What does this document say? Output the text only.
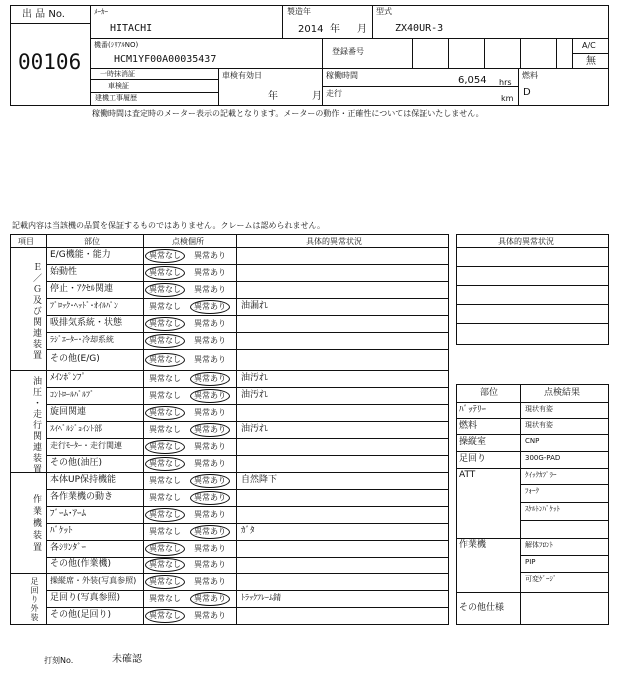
出 品 No.
00106
ﾒｰｶｰ
HITACHI
製造年
2014 年 月
型式
ZX40UR-3
機番(ｼﾘｱﾙNO)
HCM1YF00A00035437
登録番号
A/C
無
一時抹消証
車検証
建機工事履歴
車検有効日
年	月
稼働時間	6,054 hrs
走行
km
燃料
D
稼働時間は査定時のメーター表示の記載となります。メーターの動作・正確性については保証いたしません。
記載内容は当該機の品質を保証するものではありません。クレームは認められません。
項目	部位	点検個所	具体的異常状況
Ｅ／Ｇ及び関連装置
油圧・走行関連装置
作業機装置
足回り外装
E/G機能・能力	異常なし 異常あり
始動性	異常なし 異常あり
停止・ｱｸｾﾙ関連	異常なし 異常あり
ﾌﾞﾛｯｸ･ﾍｯﾄﾞ･ｵｲﾙﾊﾟﾝ	異常なし 異常あり 油漏れ
吸排気系統・状態	異常なし 異常あり
ﾗｼﾞｴｰﾀｰ･冷却系統	異常なし 異常あり
その他(E/G)	異常なし 異常あり
ﾒｲﾝﾎﾟﾝﾌﾟ	異常なし 異常あり 油汚れ
ｺﾝﾄﾛｰﾙﾊﾞﾙﾌﾞ	異常なし 異常あり 油汚れ
旋回関連	異常なし 異常あり
ｽｲﾍﾞﾙｼﾞｮｲﾝﾄ部	異常なし 異常あり 油汚れ
走行ﾓｰﾀｰ・走行関連	異常なし 異常あり
その他(油圧)	異常なし 異常あり
本体UP保持機能	異常なし 異常あり 自然降下
各作業機の動き	異常なし 異常あり
ﾌﾞｰﾑ･ｱｰﾑ	異常なし 異常あり
ﾊﾞｹｯﾄ	異常なし 異常あり ｶﾞﾀ
各ｼﾘﾝﾀﾞｰ	異常なし 異常あり
その他(作業機)	異常なし 異常あり
操縦席・外装(写真参照) 異常なし 異常あり
足回り(写真参照)	異常なし 異常あり ﾄﾗｯｸﾌﾚｰﾑ錆
その他(足回り)	異常なし 異常あり
具体的異常状況
部位	点検結果
ﾊﾞｯﾃﾘｰ	現状有姿
燃料	現状有姿
操縦室	CNP
足回り	300G-PAD
ATT	ｸｲｯｸｶﾌﾟﾗｰ
ﾌｫｰｸ
ｽｹﾙﾄﾝﾊﾞｹｯﾄ
作業機	解体ﾌﾛﾝﾄ
PIP
可変ｹﾞｰｼﾞ
その他仕様
打刻No.	未確認
